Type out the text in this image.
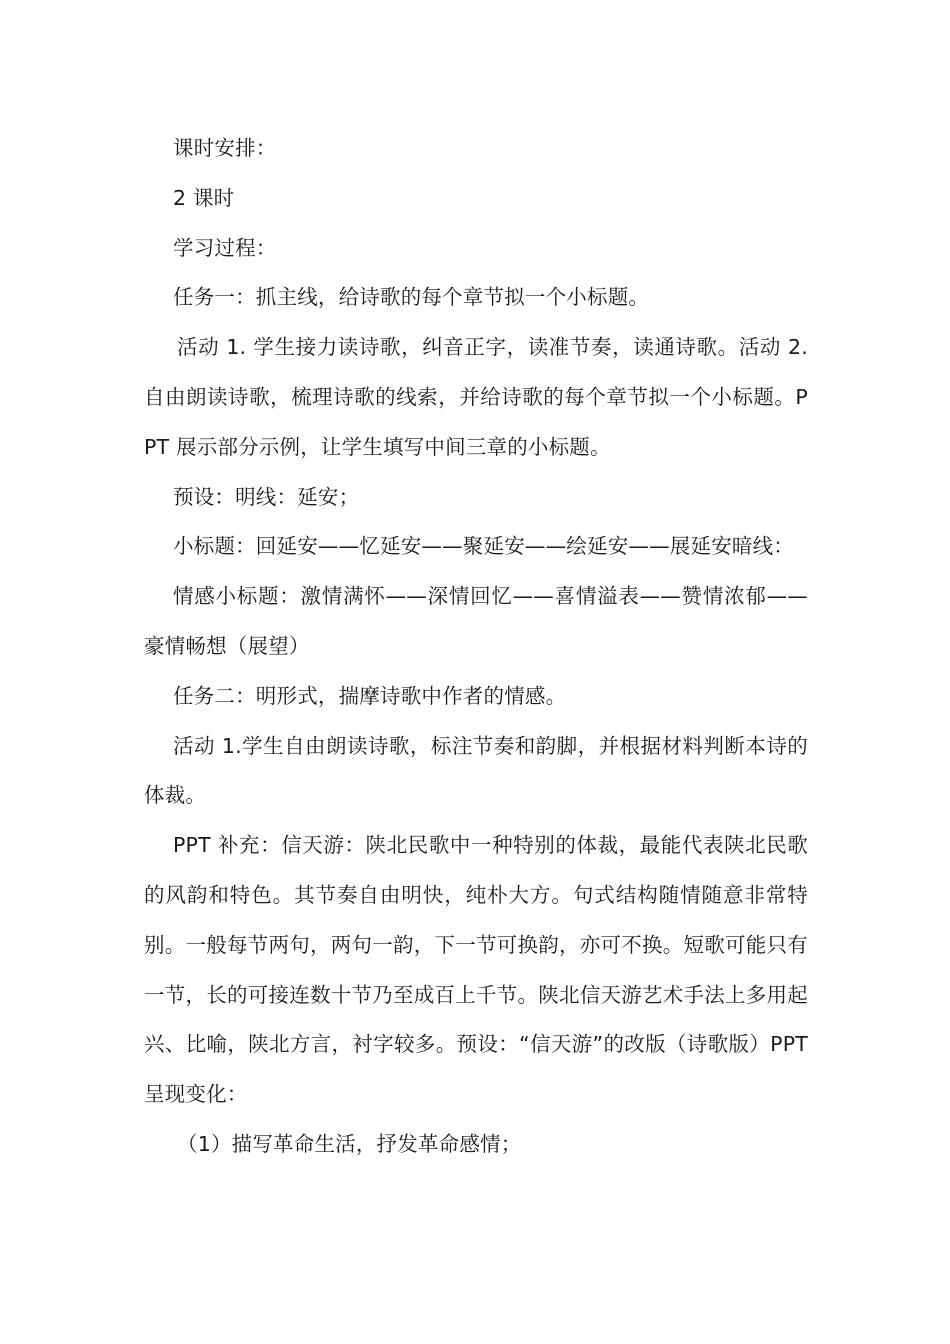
课时安排：

2 课时

学习过程：

任务一：抓主线，给诗歌的每个章节拟一个小标题。

活动 1. 学生接力读诗歌，纠音正字，读准节奏，读通诗歌。活动 2.自由朗读诗歌，梳理诗歌的线索，并给诗歌的每个章节拟一个小标题。PPT 展示部分示例，让学生填写中间三章的小标题。

预设：明线：延安；

小标题：回延安——忆延安——聚延安——绘延安——展延安暗线：

情感小标题：激情满怀——深情回忆——喜情溢表——赞情浓郁——豪情畅想（展望）

任务二：明形式，揣摩诗歌中作者的情感。

活动 1.学生自由朗读诗歌，标注节奏和韵脚，并根据材料判断本诗的体裁。

PPT 补充：信天游：陕北民歌中一种特别的体裁，最能代表陕北民歌的风韵和特色。其节奏自由明快，纯朴大方。句式结构随情随意非常特别。一般每节两句，两句一韵，下一节可换韵，亦可不换。短歌可能只有一节，长的可接连数十节乃至成百上千节。陕北信天游艺术手法上多用起兴、比喻，陕北方言，衬字较多。预设：“信天游”的改版（诗歌版）PPT 呈现变化：

（1）描写革命生活，抒发革命感情；
